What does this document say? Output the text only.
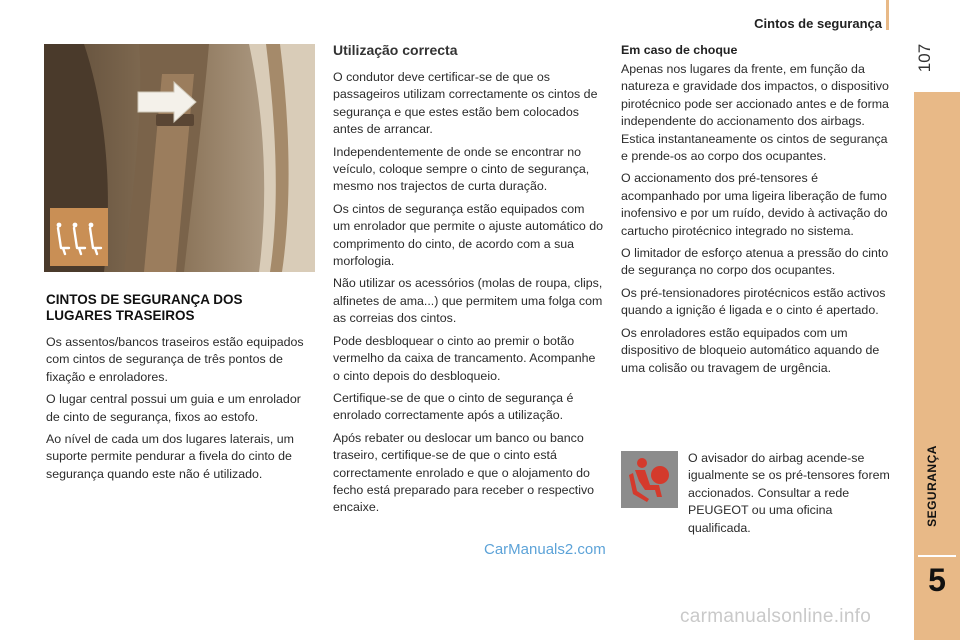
Cintos de segurança
107
SEGURANÇA
5
CINTOS DE SEGURANÇA DOS
LUGARES TRASEIROS

Os assentos/bancos traseiros estão equipados com cintos de segurança de três pontos de fixação e enroladores.

O lugar central possui um guia e um enrolador de cinto de segurança, fixos ao estofo.

Ao nível de cada um dos lugares laterais, um suporte permite pendurar a fivela do cinto de segurança quando este não é utilizado.

Utilização correcta

O condutor deve certificar-se de que os passageiros utilizam correctamente os cintos de segurança e que estes estão bem colocados antes de arrancar.

Independentemente de onde se encontrar no veículo, coloque sempre o cinto de segurança, mesmo nos trajectos de curta duração.

Os cintos de segurança estão equipados com um enrolador que permite o ajuste automático do comprimento do cinto, de acordo com a sua morfologia.

Não utilizar os acessórios (molas de roupa, clips, alfinetes de ama...) que permitem uma folga com as correias dos cintos.

Pode desbloquear o cinto ao premir o botão vermelho da caixa de trancamento. Acompanhe o cinto depois do desbloqueio.

Certifique-se de que o cinto de segurança é enrolado correctamente após a utilização.

Após rebater ou deslocar um banco ou banco traseiro, certifique-se de que o cinto está correctamente enrolado e que o alojamento do fecho está preparado para receber o respectivo encaixe.

Em caso de choque

Apenas nos lugares da frente, em função da natureza e gravidade dos impactos, o dispositivo pirotécnico pode ser accionado antes e de forma independente do accionamento dos airbags. Estica instantaneamente os cintos de segurança e prende-os ao corpo dos ocupantes.

O accionamento dos pré-tensores é acompanhado por uma ligeira liberação de fumo inofensivo e por um ruído, devido à activação do cartucho pirotécnico integrado no sistema.

O limitador de esforço atenua a pressão do cinto de segurança no corpo dos ocupantes.

Os pré-tensionadores pirotécnicos estão activos quando a ignição é ligada e o cinto é apertado.

Os enroladores estão equipados com um dispositivo de bloqueio automático aquando de uma colisão ou travagem de urgência.

O avisador do airbag acende-se igualmente se os pré-tensores forem accionados. Consultar a rede PEUGEOT ou uma oficina qualificada.
CarManuals2.com
carmanualsonline.info
